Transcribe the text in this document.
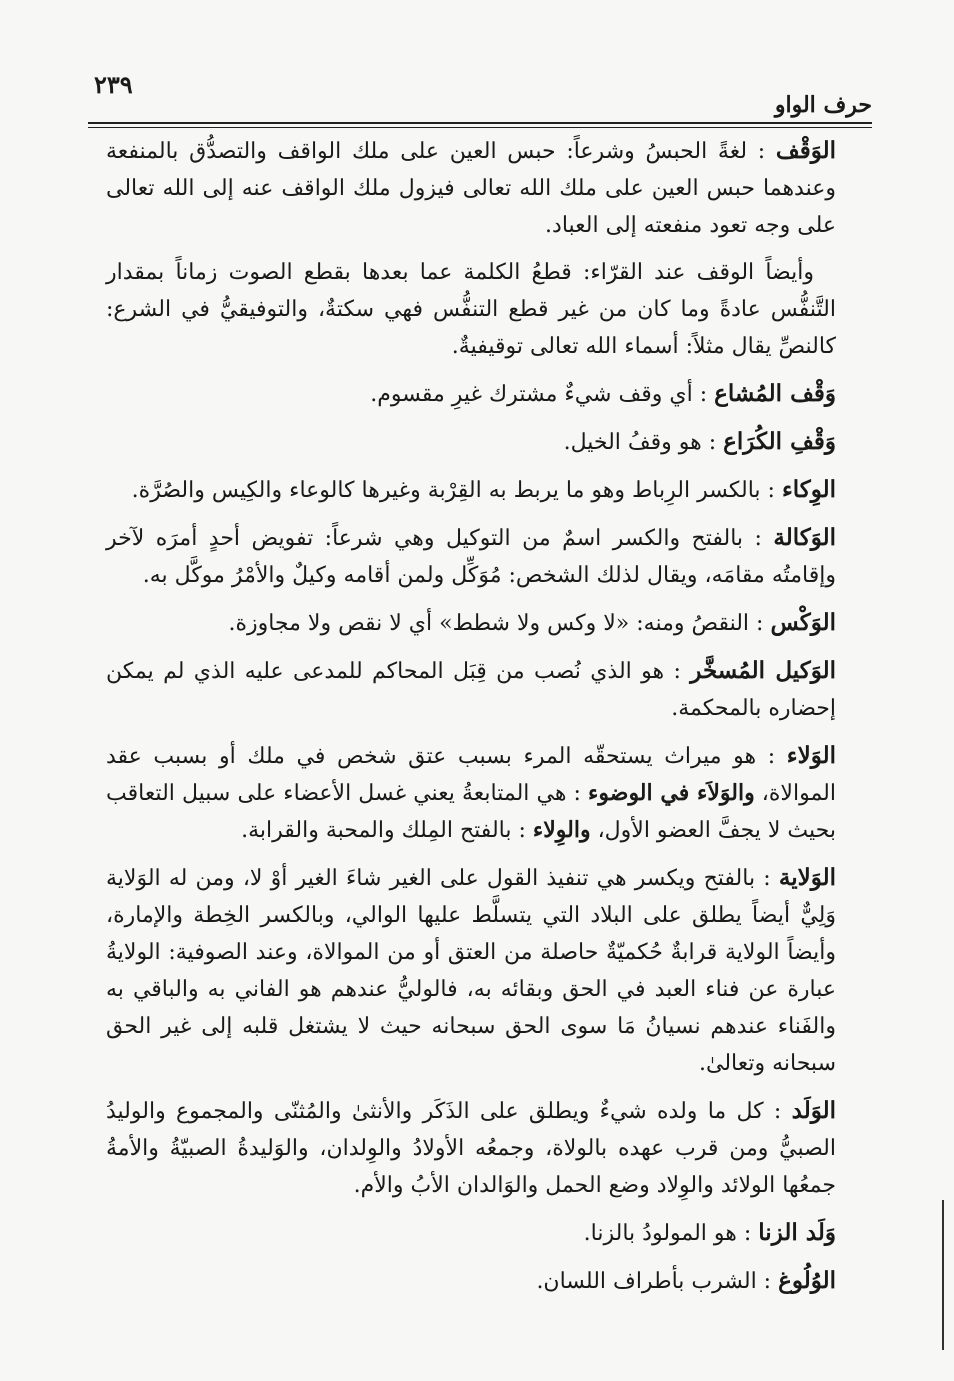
٢٣٩
حرف الواو

الوَقْف : لغةً الحبسُ وشرعاً: حبس العين على ملك الواقف والتصدُّق بالمنفعة وعندهما حبس العين على ملك الله تعالى فيزول ملك الواقف عنه إلى الله تعالى على وجه تعود منفعته إلى العباد.

وأيضاً الوقف عند القرّاء: قطعُ الكلمة عما بعدها بقطع الصوت زماناً بمقدار التَّنفُّس عادةً وما كان من غير قطع التنفُّس فهي سكتةٌ، والتوفيقيُّ في الشرع: كالنصِّ يقال مثلاً: أسماء الله تعالى توقيفيةٌ.

وَقْف المُشاع : أي وقف شيءٌ مشترك غيرِ مقسوم.

وَقْفِ الكُرَاع : هو وقفُ الخيل.

الوِكاء : بالكسر الرِباط وهو ما يربط به القِرْبة وغيرها كالوعاء والكِيس والصُرَّة.

الوَكالة : بالفتح والكسر اسمٌ من التوكيل وهي شرعاً: تفويض أحدٍ أمرَه لآخر وإقامتُه مقامَه، ويقال لذلك الشخص: مُوَكِّل ولمن أقامه وكيلٌ والأمْرُ موكَّل به.

الوَكْس : النقصُ ومنه: «لا وكس ولا شطط» أي لا نقص ولا مجاوزة.

الوَكيل المُسخَّر : هو الذي نُصب من قِبَل المحاكم للمدعى عليه الذي لم يمكن إحضاره بالمحكمة.

الوَلاء : هو ميراث يستحقّه المرء بسبب عتق شخص في ملك أو بسبب عقد الموالاة، والوَلاَء في الوضوء : هي المتابعةُ يعني غسل الأعضاء على سبيل التعاقب بحيث لا يجفَّ العضو الأول، والوِلاء : بالفتح المِلك والمحبة والقرابة.

الوَلاية : بالفتح ويكسر هي تنفيذ القول على الغير شاءَ الغير أوْ لا، ومن له الوَلاية وَلِيٌّ أيضاً يطلق على البلاد التي يتسلَّط عليها الوالي، وبالكسر الخِطة والإمارة، وأيضاً الولاية قرابةٌ حُكميّةٌ حاصلة من العتق أو من الموالاة، وعند الصوفية: الولايةُ عبارة عن فناء العبد في الحق وبقائه به، فالوليُّ عندهم هو الفاني به والباقي به والفَناء عندهم نسيانُ مَا سوى الحق سبحانه حيث لا يشتغل قلبه إلى غير الحق سبحانه وتعالىٰ.

الوَلَد : كل ما ولده شيءٌ ويطلق على الذَكَر والأنثىٰ والمُثنّى والمجموع والوليدُ الصبيُّ ومن قرب عهده بالولاة، وجمعُه الأولادُ والوِلدان، والوَليدةُ الصبيّةُ والأمةُ جمعُها الولائد والوِلاد وضع الحمل والوَالدان الأبُ والأم.

وَلَد الزنا : هو المولودُ بالزنا.

الوُلُوغ : الشرب بأطراف اللسان.
